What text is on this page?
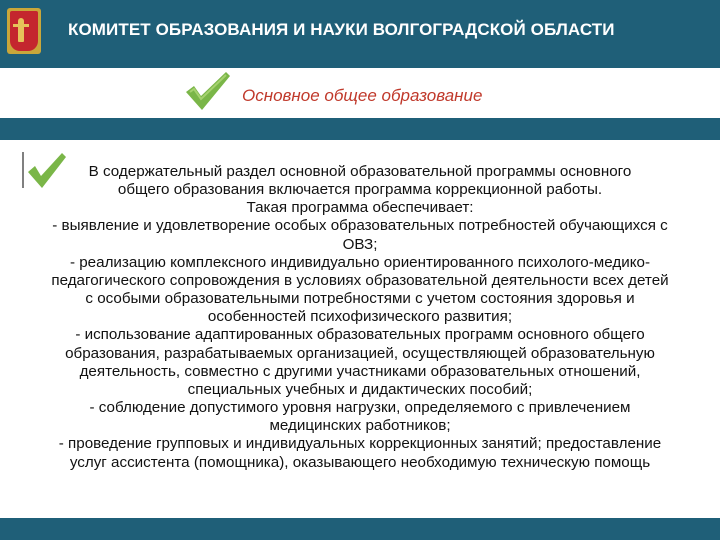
КОМИТЕТ ОБРАЗОВАНИЯ И НАУКИ ВОЛГОГРАДСКОЙ ОБЛАСТИ
Основное общее образование
В содержательный раздел основной образовательной программы основного
общего образования включается программа коррекционной работы.
Такая программа обеспечивает:
- выявление и удовлетворение особых образовательных потребностей обучающихся с
ОВЗ;
- реализацию комплексного индивидуально ориентированного психолого-медико-
педагогического сопровождения в условиях образовательной деятельности всех детей
с особыми образовательными потребностями с учетом состояния здоровья и
особенностей психофизического развития;
- использование адаптированных образовательных программ основного общего
образования, разрабатываемых организацией, осуществляющей образовательную
деятельность, совместно с другими участниками образовательных отношений,
специальных учебных и дидактических пособий;
- соблюдение допустимого уровня нагрузки, определяемого с привлечением
медицинских работников;
- проведение групповых и индивидуальных коррекционных занятий; предоставление
услуг ассистента (помощника), оказывающего необходимую техническую помощь
